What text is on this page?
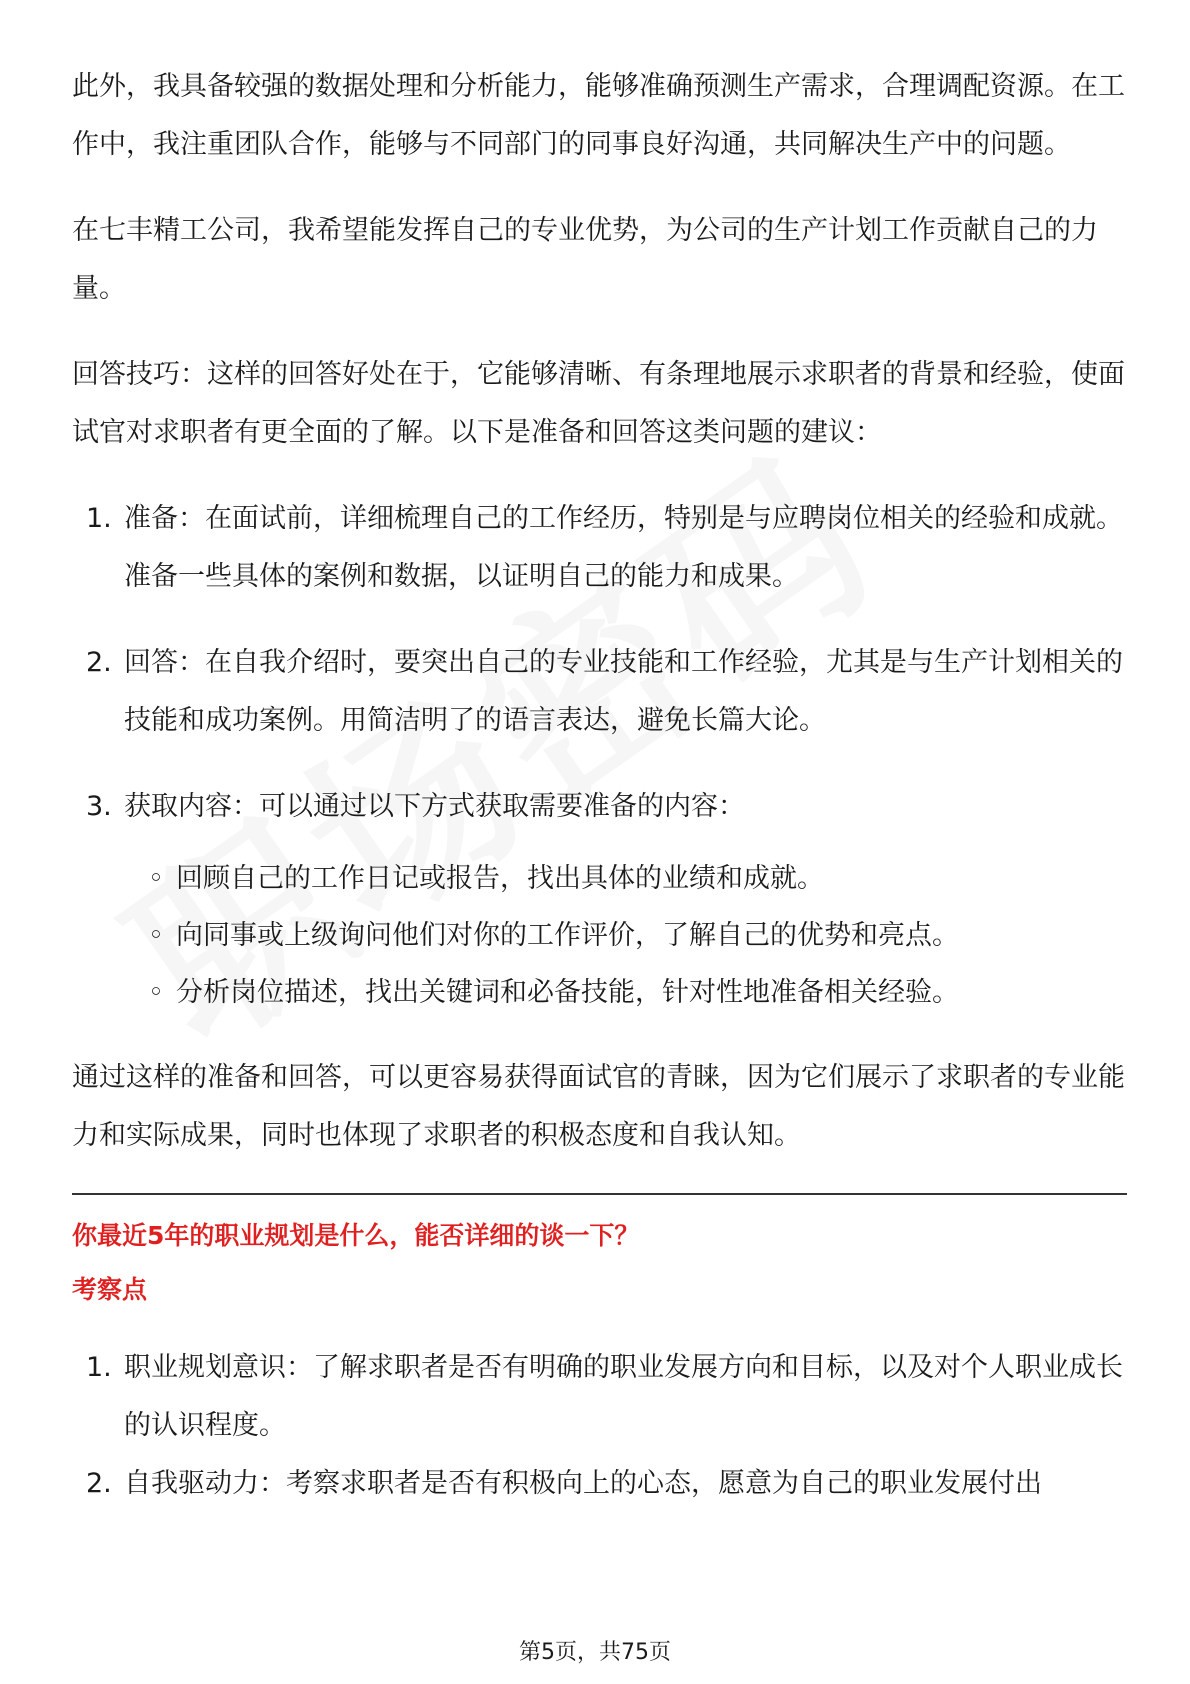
此外，我具备较强的数据处理和分析能力，能够准确预测生产需求，合理调配资源。在工作中，我注重团队合作，能够与不同部门的同事良好沟通，共同解决生产中的问题。

在七丰精工公司，我希望能发挥自己的专业优势，为公司的生产计划工作贡献自己的力量。

回答技巧：这样的回答好处在于，它能够清晰、有条理地展示求职者的背景和经验，使面试官对求职者有更全面的了解。以下是准备和回答这类问题的建议：

1. 准备：在面试前，详细梳理自己的工作经历，特别是与应聘岗位相关的经验和成就。准备一些具体的案例和数据，以证明自己的能力和成果。
2. 回答：在自我介绍时，要突出自己的专业技能和工作经验，尤其是与生产计划相关的技能和成功案例。用简洁明了的语言表达，避免长篇大论。
3. 获取内容：可以通过以下方式获取需要准备的内容：
◦ 回顾自己的工作日记或报告，找出具体的业绩和成就。
◦ 向同事或上级询问他们对你的工作评价，了解自己的优势和亮点。
◦ 分析岗位描述，找出关键词和必备技能，针对性地准备相关经验。

通过这样的准备和回答，可以更容易获得面试官的青睐，因为它们展示了求职者的专业能力和实际成果，同时也体现了求职者的积极态度和自我认知。

你最近5年的职业规划是什么，能否详细的谈一下？

考察点

1. 职业规划意识：了解求职者是否有明确的职业发展方向和目标，以及对个人职业成长的认识程度。
2. 自我驱动力：考察求职者是否有积极向上的心态，愿意为自己的职业发展付出
第5页，共75页
